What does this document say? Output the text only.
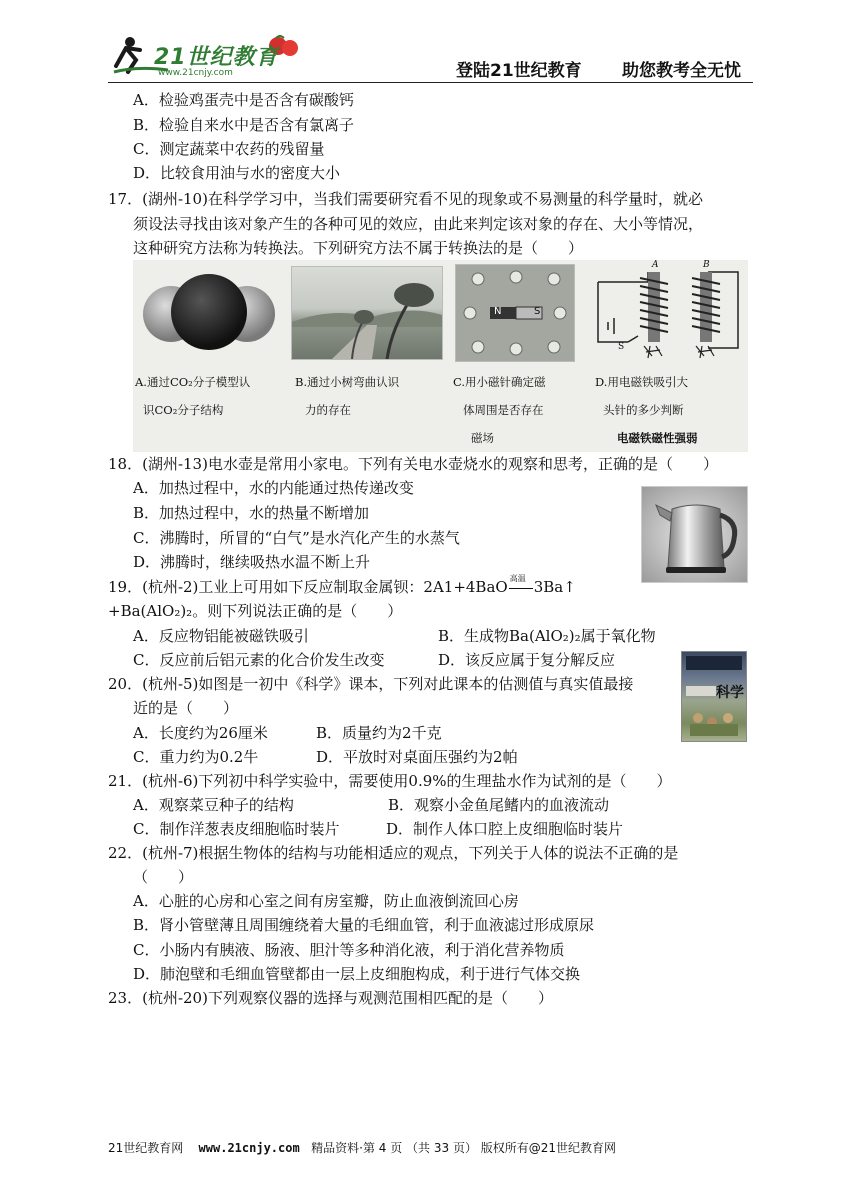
21世纪教育
www.21cnjy.com	登陆21世纪教育 助您教考全无忧
A．检验鸡蛋壳中是否含有碳酸钙
B．检验自来水中是否含有氯离子
C．测定蔬菜中农药的残留量
D．比较食用油与水的密度大小
17．(湖州-10)在科学学习中，当我们需要研究看不见的现象或不易测量的科学量时，就必
须设法寻找由该对象产生的各种可见的效应，由此来判定该对象的存在、大小等情况，
这种研究方法称为转换法。下列研究方法不属于转换法的是（　　）
N	S
A	B
S
A.通过CO₂分子模型认
识CO₂分子结构
B.通过小树弯曲认识
力的存在
C.用小磁针确定磁
体周围是否存在
磁场
D.用电磁铁吸引大
头针的多少判断
电磁铁磁性强弱
18．(湖州-13)电水壶是常用小家电。下列有关电水壶烧水的观察和思考，正确的是（　　）
A．加热过程中，水的内能通过热传递改变
B．加热过程中，水的热量不断增加
C．沸腾时，所冒的“白气”是水汽化产生的水蒸气
D．沸腾时，继续吸热水温不断上升
19．(杭州-2)工业上可用如下反应制取金属钡：2A1+4BaO 高温 3Ba↑
+Ba(AlO₂)₂。则下列说法正确的是（　　）
A．反应物铝能被磁铁吸引	B．生成物Ba(AlO₂)₂属于氧化物
C．反应前后铝元素的化合价发生改变	D．该反应属于复分解反应
20．(杭州-5)如图是一初中《科学》课本，下列对此课本的估测值与真实值最接
近的是（　　）
A．长度约为26厘米	B．质量约为2千克
C．重力约为0.2牛	D．平放时对桌面压强约为2帕
科学
21．(杭州-6)下列初中科学实验中，需要使用0.9%的生理盐水作为试剂的是（　　）
A．观察菜豆种子的结构	B．观察小金鱼尾鳍内的血液流动
C．制作洋葱表皮细胞临时装片	D．制作人体口腔上皮细胞临时装片
22．(杭州-7)根据生物体的结构与功能相适应的观点，下列关于人体的说法不正确的是
（　　）
A．心脏的心房和心室之间有房室瓣，防止血液倒流回心房
B．肾小管壁薄且周围缠绕着大量的毛细血管，利于血液滤过形成原尿
C．小肠内有胰液、肠液、胆汁等多种消化液，利于消化营养物质
D．肺泡壁和毛细血管壁都由一层上皮细胞构成，利于进行气体交换
23．(杭州-20)下列观察仪器的选择与观测范围相匹配的是（　　）
21世纪教育网 www.21cnjy.com 精品资料·第 4 页 （共 33 页） 版权所有@21世纪教育网
